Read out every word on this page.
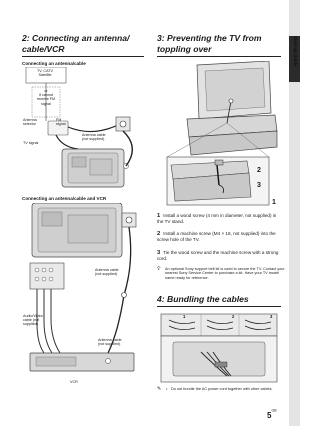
2: Connecting an antenna/
cable/VCR
Connecting an antenna/cable
TV, CATV
Satellite
or
If cannot
receive FM
signal
Antenna
selector
FM
signal
TV signal
Antenna cable
(not supplied)
Connecting an antenna/cable and VCR
Antenna cable
(not supplied)
Audio/Video
cable (not
supplied)
Antenna cable
(not supplied)
VCR
3: Preventing the TV from
toppling over
2
3
1
1 Install a wood screw (4 mm in diameter, not supplied) in the TV stand.
2 Install a machine screw (M4 × 16, not supplied) into the screw hole of the TV.
3 Tie the wood screw and the machine screw with a strong cord.
💡︎ An optional Sony support belt kit is used to secure the TV. Contact your nearest Sony Service Center to purchase a kit. Have your TV model name ready for reference.
4: Bundling the cables
1	2	3
✎ • Do not bundle the AC power cord together with other cables.
$5^{GB}$
Start-up Guide
